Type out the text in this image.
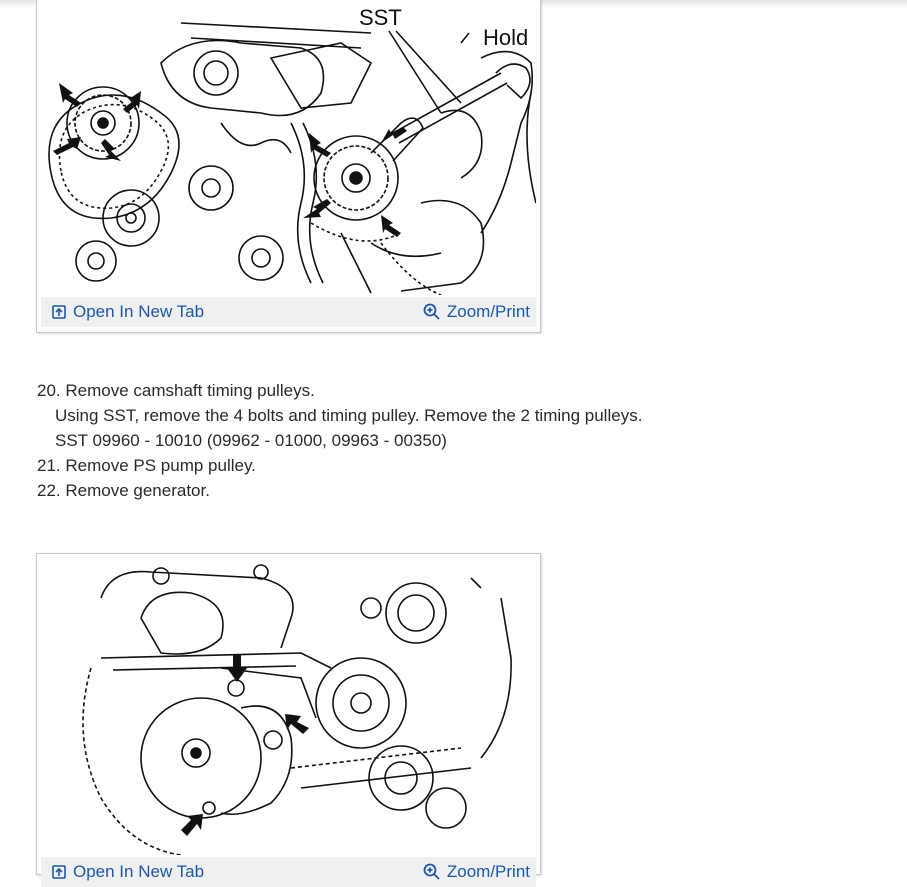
SST
Hold
Open In New Tab	Zoom/Print
20. Remove camshaft timing pulleys.
Using SST, remove the 4 bolts and timing pulley. Remove the 2 timing pulleys.
SST 09960 - 10010 (09962 - 01000, 09963 - 00350)
21. Remove PS pump pulley.
22. Remove generator.
Open In New Tab	Zoom/Print
